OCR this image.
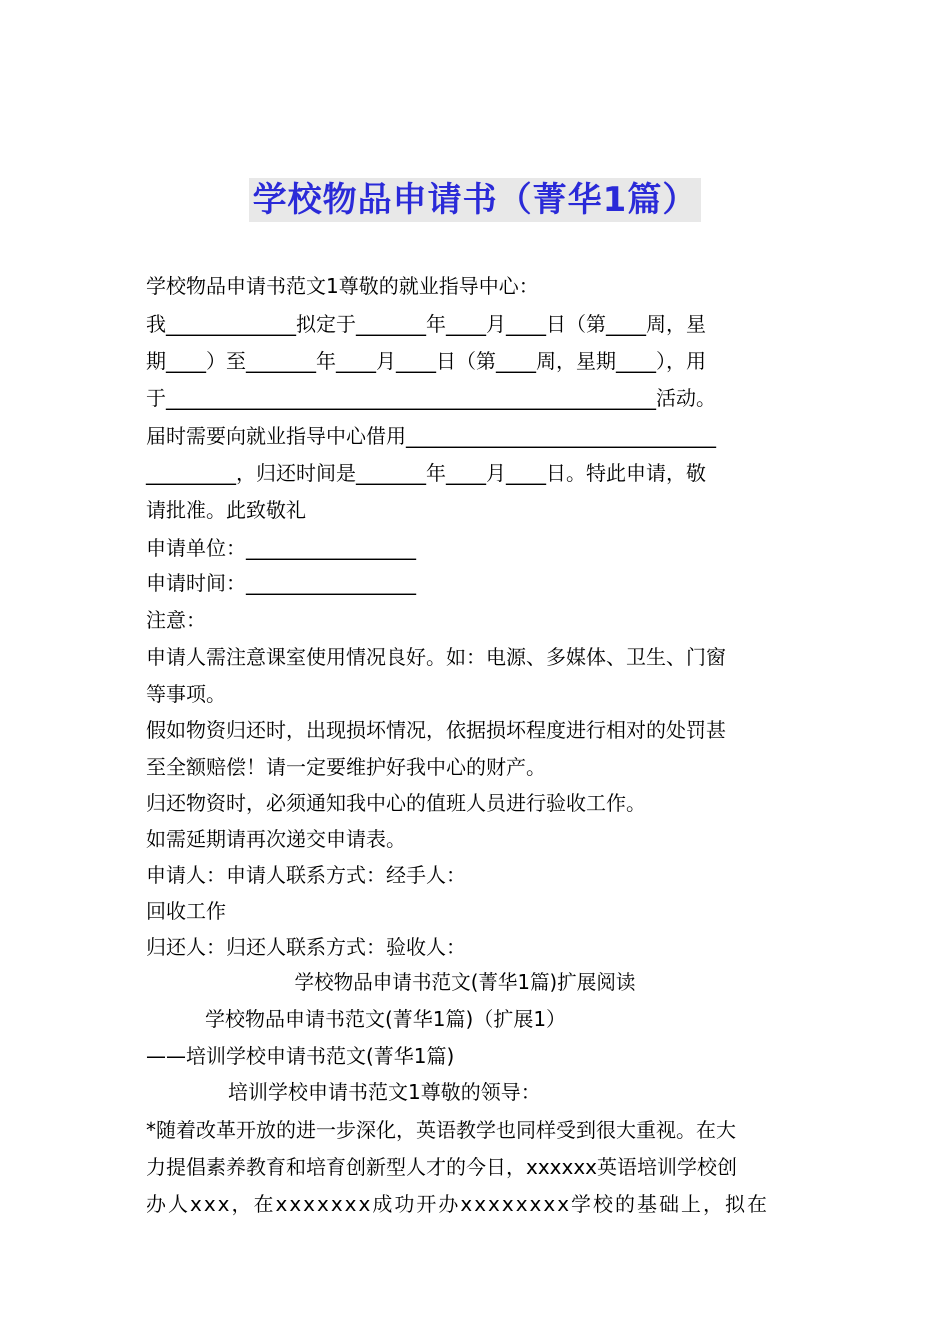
学校物品申请书（菁华1篇）
学校物品申请书范文1尊敬的就业指导中心：
我_____________拟定于_______年____月____日（第____周，星
期____）至_______年____月____日（第____周，星期____），用
于_________________________________________________活动。
届时需要向就业指导中心借用_______________________________
_________，归还时间是_______年____月____日。特此申请，敬
请批准。此致敬礼
申请单位：_________________
申请时间：_________________
注意：
申请人需注意课室使用情况良好。如：电源、多媒体、卫生、门窗
等事项。
假如物资归还时，出现损坏情况，依据损坏程度进行相对的处罚甚
至全额赔偿！请一定要维护好我中心的财产。
归还物资时，必须通知我中心的值班人员进行验收工作。
如需延期请再次递交申请表。
申请人：申请人联系方式：经手人：
回收工作
归还人：归还人联系方式：验收人：
学校物品申请书范文(菁华1篇)扩展阅读
学校物品申请书范文(菁华1篇)（扩展1）
——培训学校申请书范文(菁华1篇)
培训学校申请书范文1尊敬的领导：
*随着改革开放的进一步深化，英语教学也同样受到很大重视。在大
力提倡素养教育和培育创新型人才的今日，xxxxxx英语培训学校创
办人xxx，在xxxxxxx成功开办xxxxxxxx学校的基础上，拟在
